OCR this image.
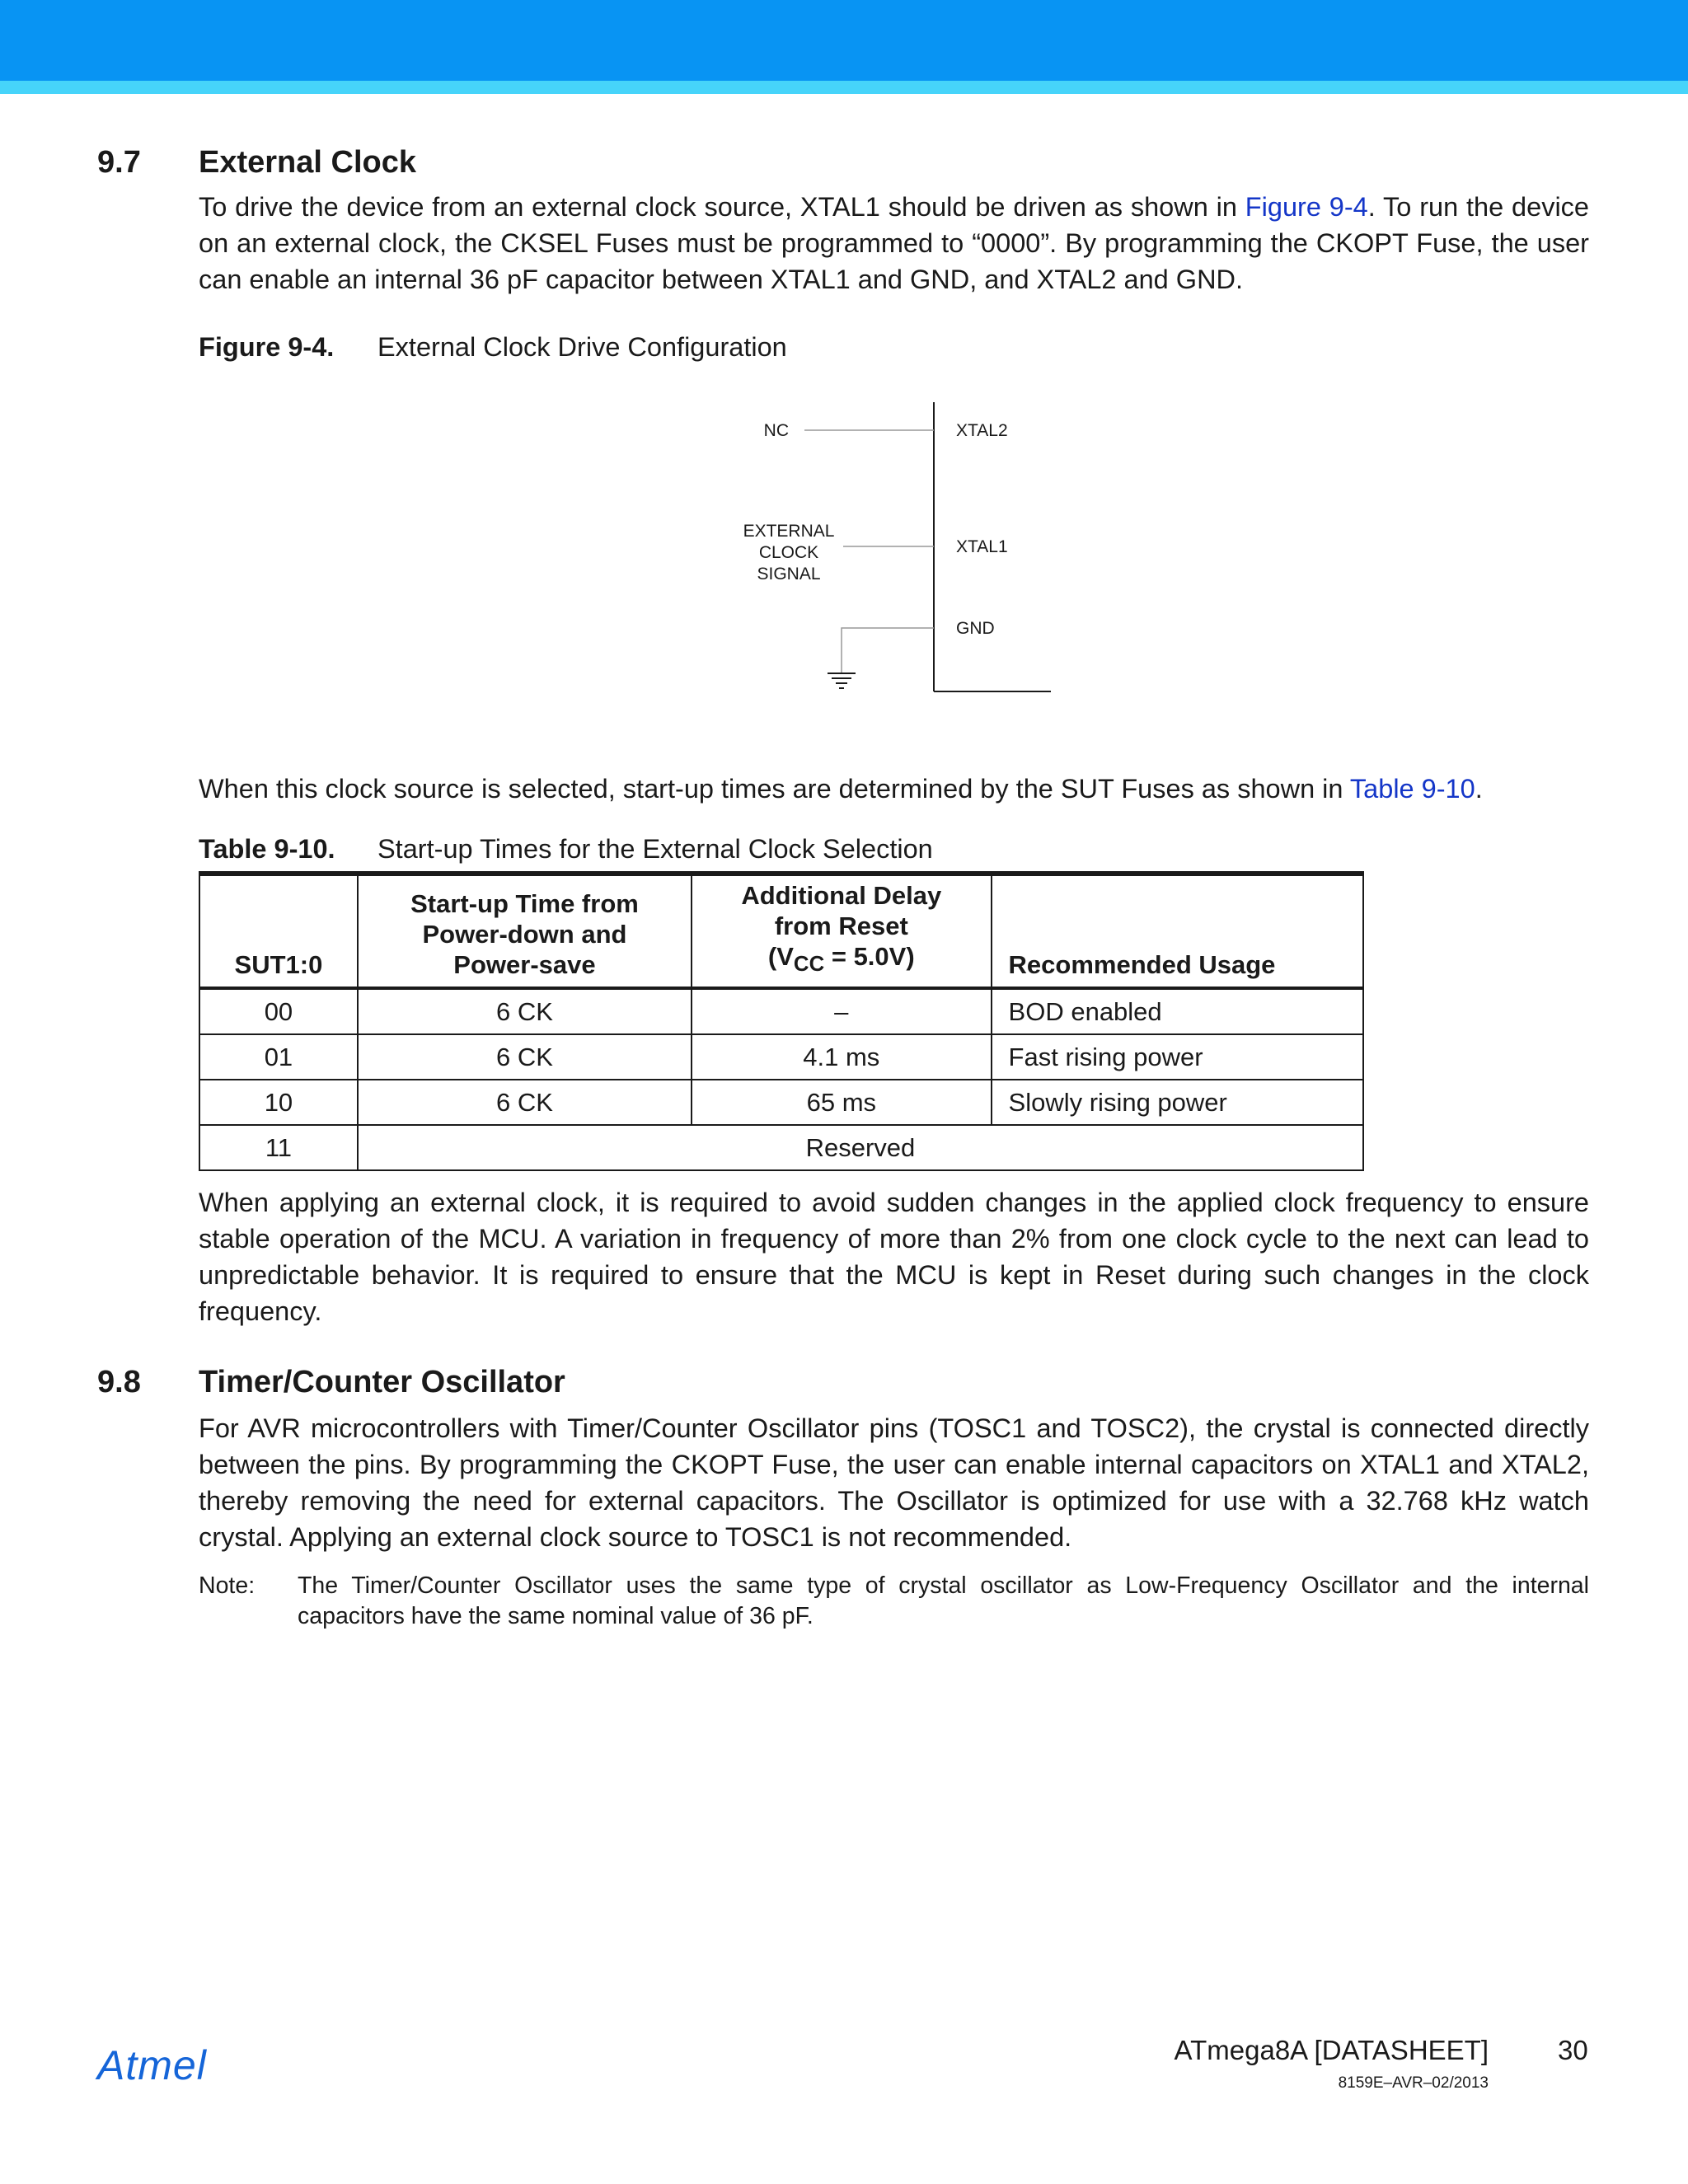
9.7 External Clock

To drive the device from an external clock source, XTAL1 should be driven as shown in Figure 9-4. To run the device on an external clock, the CKSEL Fuses must be programmed to “0000”. By programming the CKOPT Fuse, the user can enable an internal 36 pF capacitor between XTAL1 and GND, and XTAL2 and GND.

Figure 9-4. External Clock Drive Configuration
NC
EXTERNAL
CLOCK
SIGNAL
XTAL2
XTAL1
GND

When this clock source is selected, start-up times are determined by the SUT Fuses as shown in Table 9-10.

Table 9-10. Start-up Times for the External Clock Selection
SUT1:0	Start-up Time from
Power-down and
Power-save	Additional Delay
from Reset
$(V_{CC} = 5.0V)$	Recommended Usage
00	6 CK	–	BOD enabled
01	6 CK	4.1 ms	Fast rising power
10	6 CK	65 ms	Slowly rising power
11	Reserved		

When applying an external clock, it is required to avoid sudden changes in the applied clock frequency to ensure stable operation of the MCU. A variation in frequency of more than 2% from one clock cycle to the next can lead to unpredictable behavior. It is required to ensure that the MCU is kept in Reset during such changes in the clock frequency.

9.8 Timer/Counter Oscillator

For AVR microcontrollers with Timer/Counter Oscillator pins (TOSC1 and TOSC2), the crystal is connected directly between the pins. By programming the CKOPT Fuse, the user can enable internal capacitors on XTAL1 and XTAL2, thereby removing the need for external capacitors. The Oscillator is optimized for use with a 32.768 kHz watch crystal. Applying an external clock source to TOSC1 is not recommended.

Note: The Timer/Counter Oscillator uses the same type of crystal oscillator as Low-Frequency Oscillator and the internal capacitors have the same nominal value of 36 pF.
Atmel	ATmega8A [DATASHEET]	30
8159E–AVR–02/2013
